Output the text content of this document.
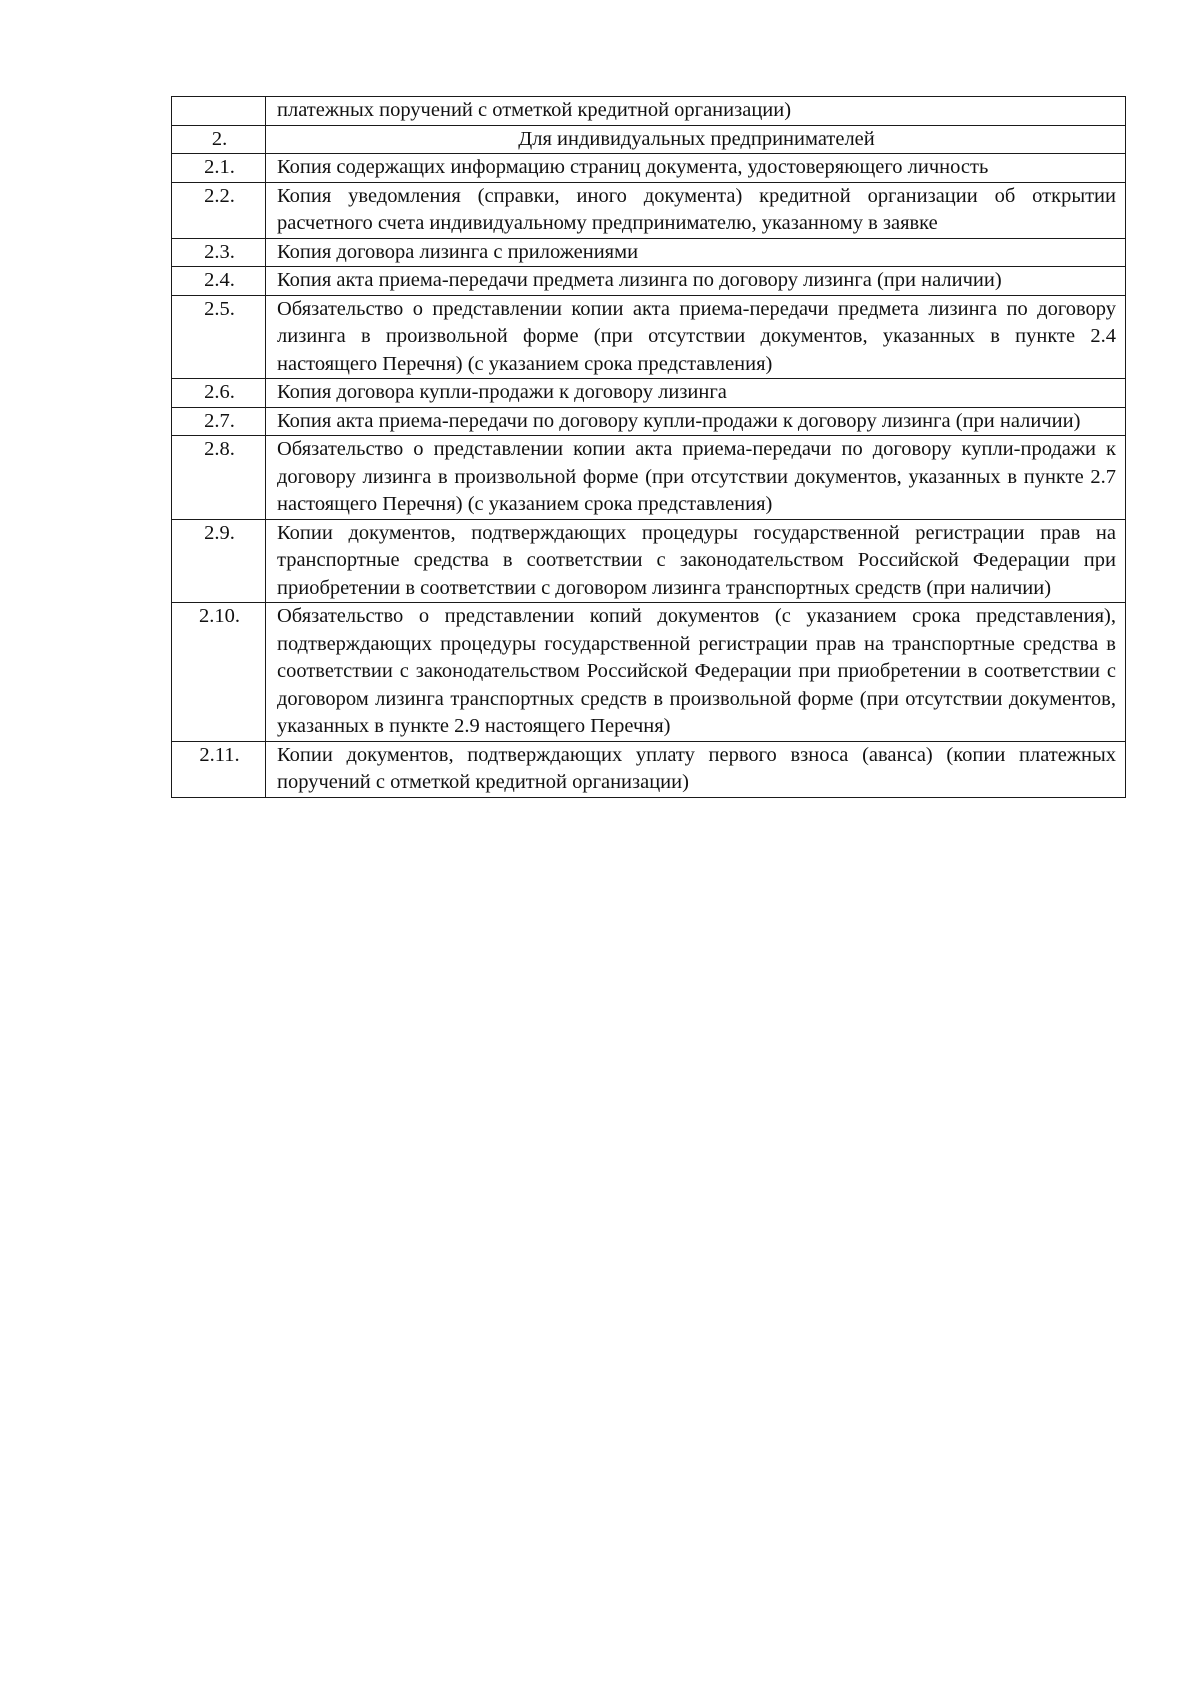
	платежных поручений с отметкой кредитной организации)
2.	Для индивидуальных предпринимателей
2.1.	Копия содержащих информацию страниц документа, удостоверяющего личность
2.2.	Копия уведомления (справки, иного документа) кредитной организации об открытии расчетного счета индивидуальному предпринимателю, указанному в заявке
2.3.	Копия договора лизинга с приложениями
2.4.	Копия акта приема-передачи предмета лизинга по договору лизинга (при наличии)
2.5.	Обязательство о представлении копии акта приема-передачи предмета лизинга по договору лизинга в произвольной форме (при отсутствии документов, указанных в пункте 2.4 настоящего Перечня) (с указанием срока представления)
2.6.	Копия договора купли-продажи к договору лизинга
2.7.	Копия акта приема-передачи по договору купли-продажи к договору лизинга (при наличии)
2.8.	Обязательство о представлении копии акта приема-передачи по договору купли-продажи к договору лизинга в произвольной форме (при отсутствии документов, указанных в пункте 2.7 настоящего Перечня) (с указанием срока представления)
2.9.	Копии документов, подтверждающих процедуры государственной регистрации прав на транспортные средства в соответствии с законодательством Российской Федерации при приобретении в соответствии с договором лизинга транспортных средств (при наличии)
2.10.	Обязательство о представлении копий документов (с указанием срока представления), подтверждающих процедуры государственной регистрации прав на транспортные средства в соответствии с законодательством Российской Федерации при приобретении в соответствии с договором лизинга транспортных средств в произвольной форме (при отсутствии документов, указанных в пункте 2.9 настоящего Перечня)
2.11.	Копии документов, подтверждающих уплату первого взноса (аванса) (копии платежных поручений с отметкой кредитной организации)
